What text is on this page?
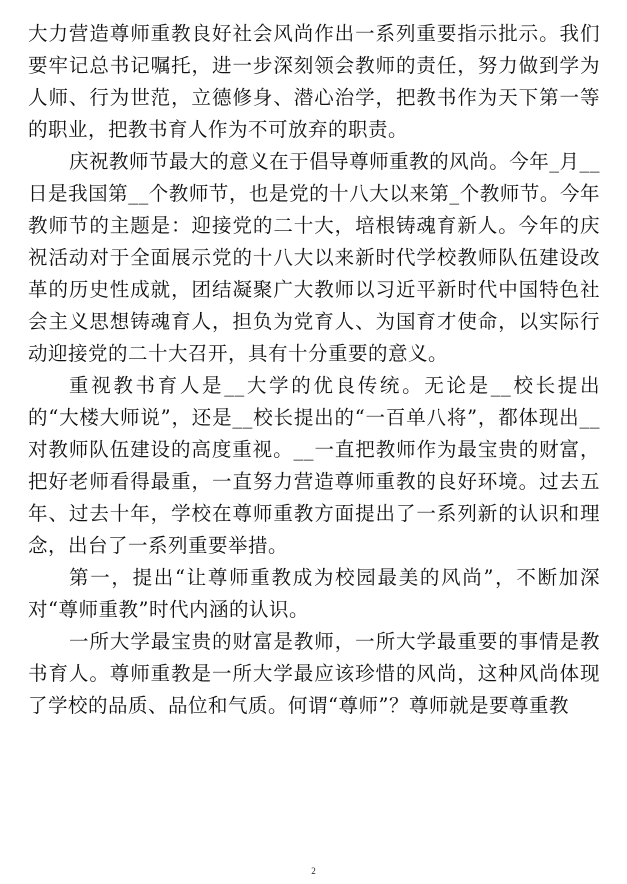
大力营造尊师重教良好社会风尚作出一系列重要指示批示。我们要牢记总书记嘱托，进一步深刻领会教师的责任，努力做到学为人师、行为世范，立德修身、潜心治学，把教书作为天下第一等的职业，把教书育人作为不可放弃的职责。

庆祝教师节最大的意义在于倡导尊师重教的风尚。今年_月__日是我国第__个教师节，也是党的十八大以来第_个教师节。今年教师节的主题是：迎接党的二十大，培根铸魂育新人。今年的庆祝活动对于全面展示党的十八大以来新时代学校教师队伍建设改革的历史性成就，团结凝聚广大教师以习近平新时代中国特色社会主义思想铸魂育人，担负为党育人、为国育才使命，以实际行动迎接党的二十大召开，具有十分重要的意义。

重视教书育人是__大学的优良传统。无论是__校长提出的“大楼大师说”，还是__校长提出的“一百单八将”，都体现出__对教师队伍建设的高度重视。__一直把教师作为最宝贵的财富，把好老师看得最重，一直努力营造尊师重教的良好环境。过去五年、过去十年，学校在尊师重教方面提出了一系列新的认识和理念，出台了一系列重要举措。

第一，提出“让尊师重教成为校园最美的风尚”，不断加深对“尊师重教”时代内涵的认识。

一所大学最宝贵的财富是教师，一所大学最重要的事情是教书育人。尊师重教是一所大学最应该珍惜的风尚，这种风尚体现了学校的品质、品位和气质。何谓“尊师”？尊师就是要尊重教

2
